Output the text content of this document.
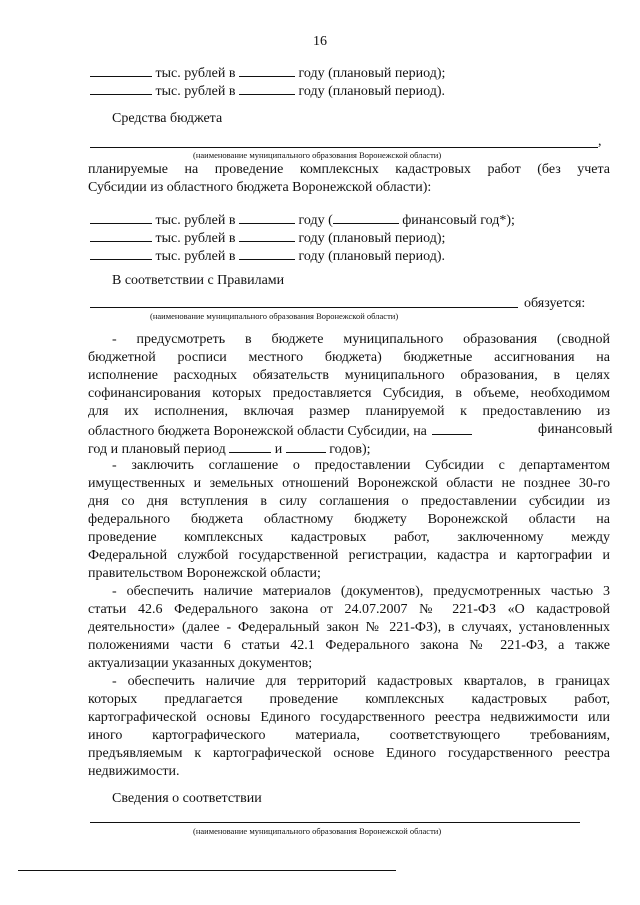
16
тыс. рублей в	году (плановый период);
тыс. рублей в	году (плановый период).
Средства бюджета
,
(наименование муниципального образования Воронежской области)
планируемые на проведение комплексных кадастровых работ (без учета
Субсидии из областного бюджета Воронежской области):
тыс. рублей в	году (	финансовый год*);
тыс. рублей в	году (плановый период);
тыс. рублей в	году (плановый период).
В соответствии с Правилами
обязуется:
(наименование муниципального образования Воронежской области)
- предусмотреть в бюджете муниципального образования (сводной
бюджетной росписи местного бюджета) бюджетные ассигнования на
исполнение расходных обязательств муниципального образования, в целях
софинансирования которых предоставляется Субсидия, в объеме, необходимом
для их исполнения, включая размер планируемой к предоставлению из
областного бюджета Воронежской области Субсидии, на	финансовый
год и плановый период	и	годов);
- заключить соглашение о предоставлении Субсидии с департаментом
имущественных и земельных отношений Воронежской области не позднее 30-го
дня со дня вступления в силу соглашения о предоставлении субсидии из
федерального бюджета областному бюджету Воронежской области на
проведение комплексных кадастровых работ, заключенному между
Федеральной службой государственной регистрации, кадастра и картографии и
правительством Воронежской области;
- обеспечить наличие материалов (документов), предусмотренных частью 3
статьи 42.6 Федерального закона от 24.07.2007 № 221-ФЗ «О кадастровой
деятельности» (далее - Федеральный закон № 221-ФЗ), в случаях, установленных
положениями части 6 статьи 42.1 Федерального закона № 221-ФЗ, а также
актуализации указанных документов;
- обеспечить наличие для территорий кадастровых кварталов, в границах
которых предлагается проведение комплексных кадастровых работ,
картографической основы Единого государственного реестра недвижимости или
иного картографического материала, соответствующего требованиям,
предъявляемым к картографической основе Единого государственного реестра
недвижимости.
Сведения о соответствии
(наименование муниципального образования Воронежской области)
